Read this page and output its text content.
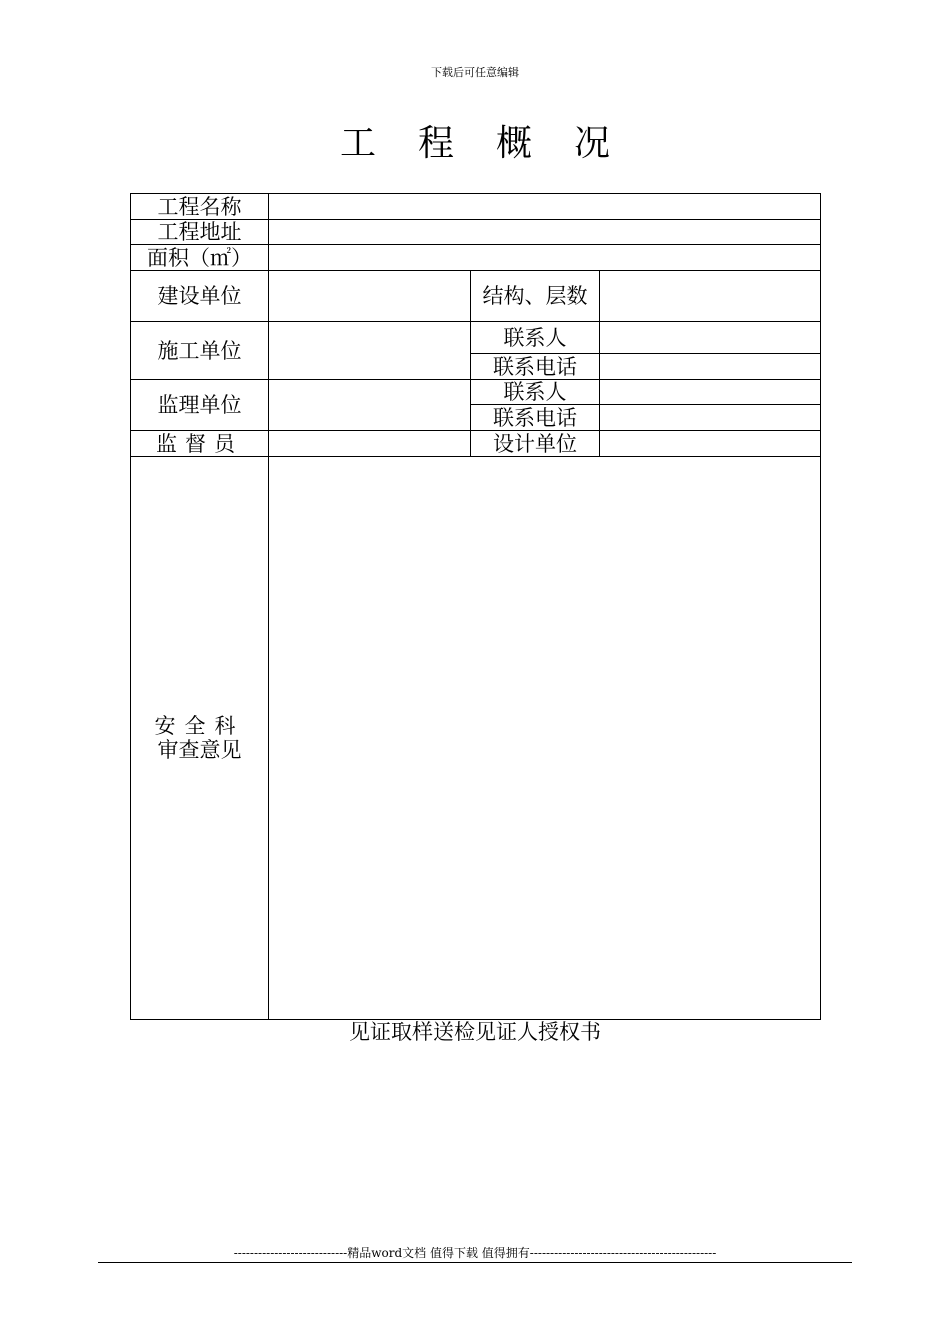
下载后可任意编辑
工 程 概 况
工程名称			
工程地址			
面积（㎡）			
建设单位		结构、层数	
施工单位		联系人	
		联系电话	
监理单位		联系人	
		联系电话	
监督员		设计单位	

安全科
审查意见			

见证取样送检见证人授权书
----------------------------精品word文档 值得下载 值得拥有----------------------------------------------
